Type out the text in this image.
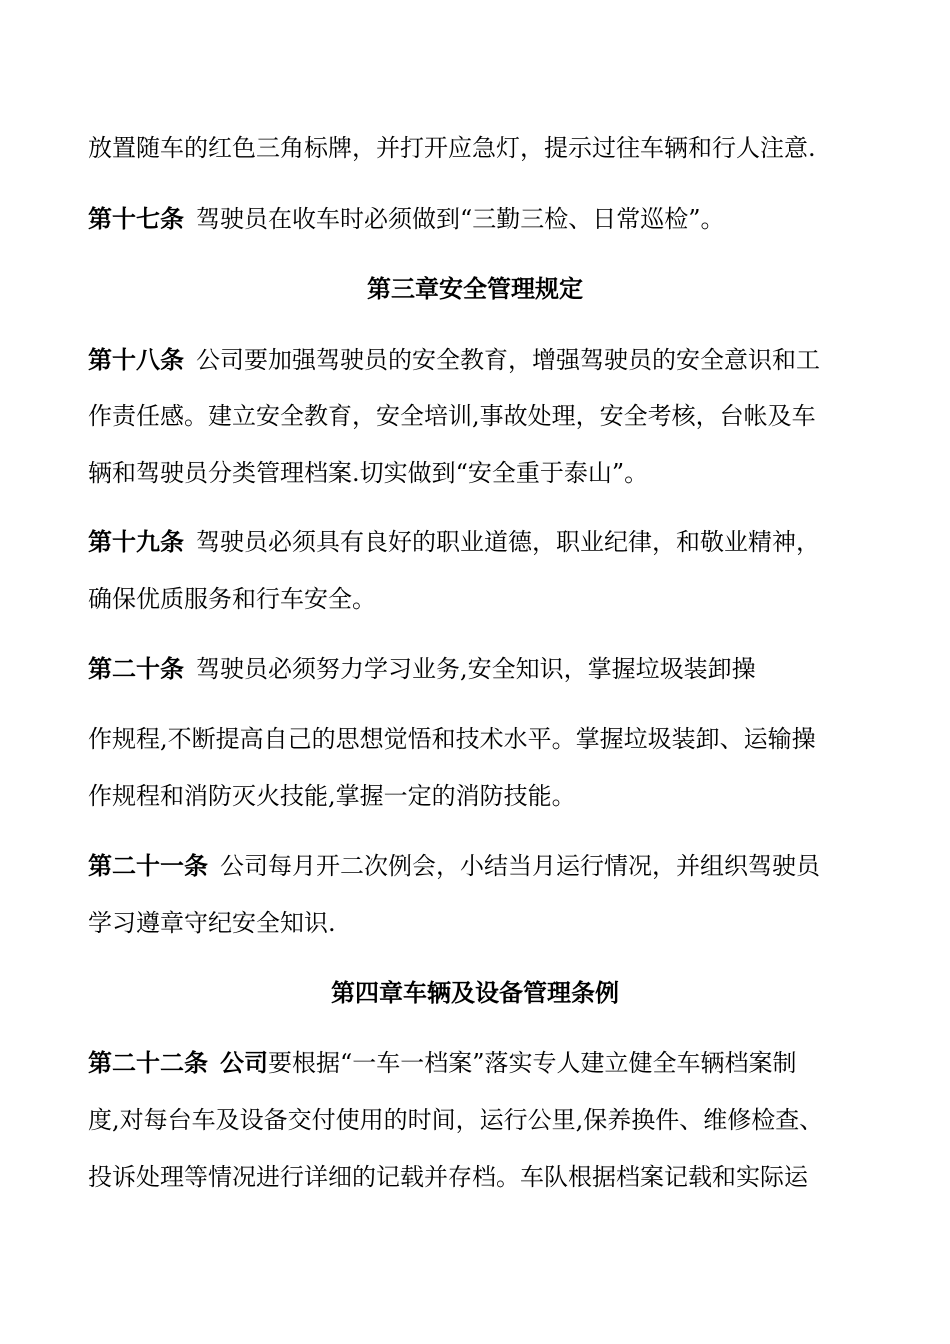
放置随车的红色三角标牌，并打开应急灯，提示过往车辆和行人注意.
第十七条 驾驶员在收车时必须做到“三勤三检、日常巡检”。
第三章安全管理规定
第十八条 公司要加强驾驶员的安全教育，增强驾驶员的安全意识和工
作责任感。建立安全教育，安全培训,事故处理，安全考核，台帐及车
辆和驾驶员分类管理档案.切实做到“安全重于泰山”。
第十九条 驾驶员必须具有良好的职业道德，职业纪律，和敬业精神，
确保优质服务和行车安全。
第二十条 驾驶员必须努力学习业务,安全知识，掌握垃圾装卸操
作规程,不断提高自己的思想觉悟和技术水平。掌握垃圾装卸、运输操
作规程和消防灭火技能,掌握一定的消防技能。
第二十一条 公司每月开二次例会，小结当月运行情况，并组织驾驶员
学习遵章守纪安全知识.
第四章车辆及设备管理条例
第二十二条 公司要根据“一车一档案”落实专人建立健全车辆档案制
度,对每台车及设备交付使用的时间，运行公里,保养换件、维修检查、
投诉处理等情况进行详细的记载并存档。车队根据档案记载和实际运
